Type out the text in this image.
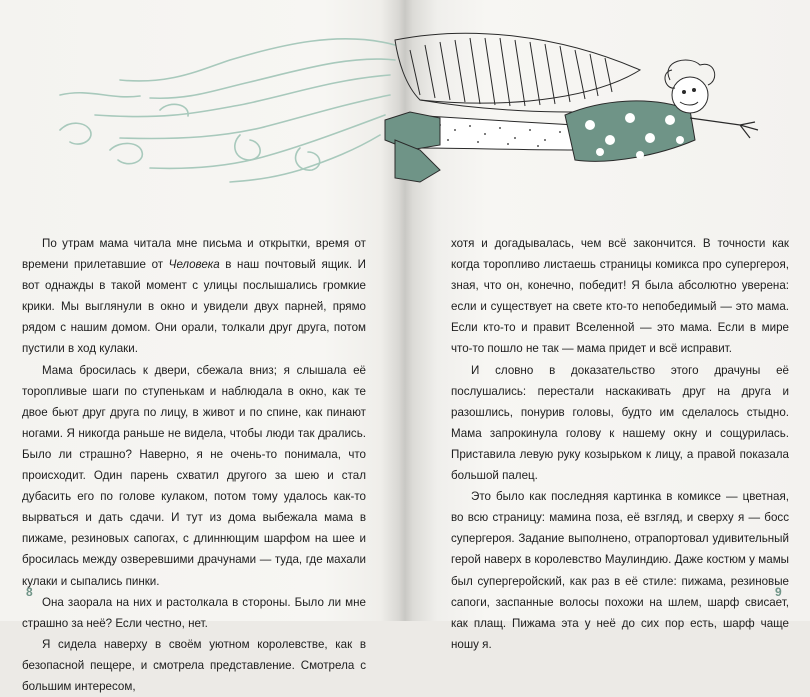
По утрам мама читала мне письма и открытки, время от времени прилетавшие от Человека в наш почтовый ящик. И вот однажды в такой момент с улицы послышались громкие крики. Мы выглянули в окно и увидели двух парней, прямо рядом с нашим домом. Они орали, толкали друг друга, потом пустили в ход кулаки.

Мама бросилась к двери, сбежала вниз; я слышала её торопливые шаги по ступенькам и наблюдала в окно, как те двое бьют друг друга по лицу, в живот и по спине, как пинают ногами. Я никогда раньше не видела, чтобы люди так дрались. Было ли страшно? Наверно, я не очень-то понимала, что происходит. Один парень схватил другого за шею и стал дубасить его по голове кулаком, потом тому удалось как-то вырваться и дать сдачи. И тут из дома выбежала мама в пижаме, резиновых сапогах, с длиннющим шарфом на шее и бросилась между озверевшими драчунами — туда, где махали кулаки и сыпались пинки.

Она заорала на них и растолкала в стороны. Было ли мне страшно за неё? Если честно, нет.

Я сидела наверху в своём уютном королевстве, как в безопасной пещере, и смотрела представление. Смотрела с большим интересом,

8

хотя и догадывалась, чем всё закончится. В точности как когда торопливо листаешь страницы комикса про супергероя, зная, что он, конечно, победит! Я была абсолютно уверена: если и существует на свете кто-то непобедимый — это мама. Если кто-то и правит Вселенной — это мама. Если в мире что-то пошло не так — мама придет и всё исправит.

И словно в доказательство этого драчуны её послушались: перестали наскакивать друг на друга и разошлись, понурив головы, будто им сделалось стыдно. Мама запрокинула голову к нашему окну и сощурилась. Приставила левую руку козырьком к лицу, а правой показала большой палец.

Это было как последняя картинка в комиксе — цветная, во всю страницу: мамина поза, её взгляд, и сверху я — босс супергероя. Задание выполнено, отрапортовал удивительный герой наверх в королевство Маулиндию. Даже костюм у мамы был супергеройский, как раз в её стиле: пижама, резиновые сапоги, заспанные волосы похожи на шлем, шарф свисает, как плащ. Пижама эта у неё до сих пор есть, шарф чаще ношу я.

9
